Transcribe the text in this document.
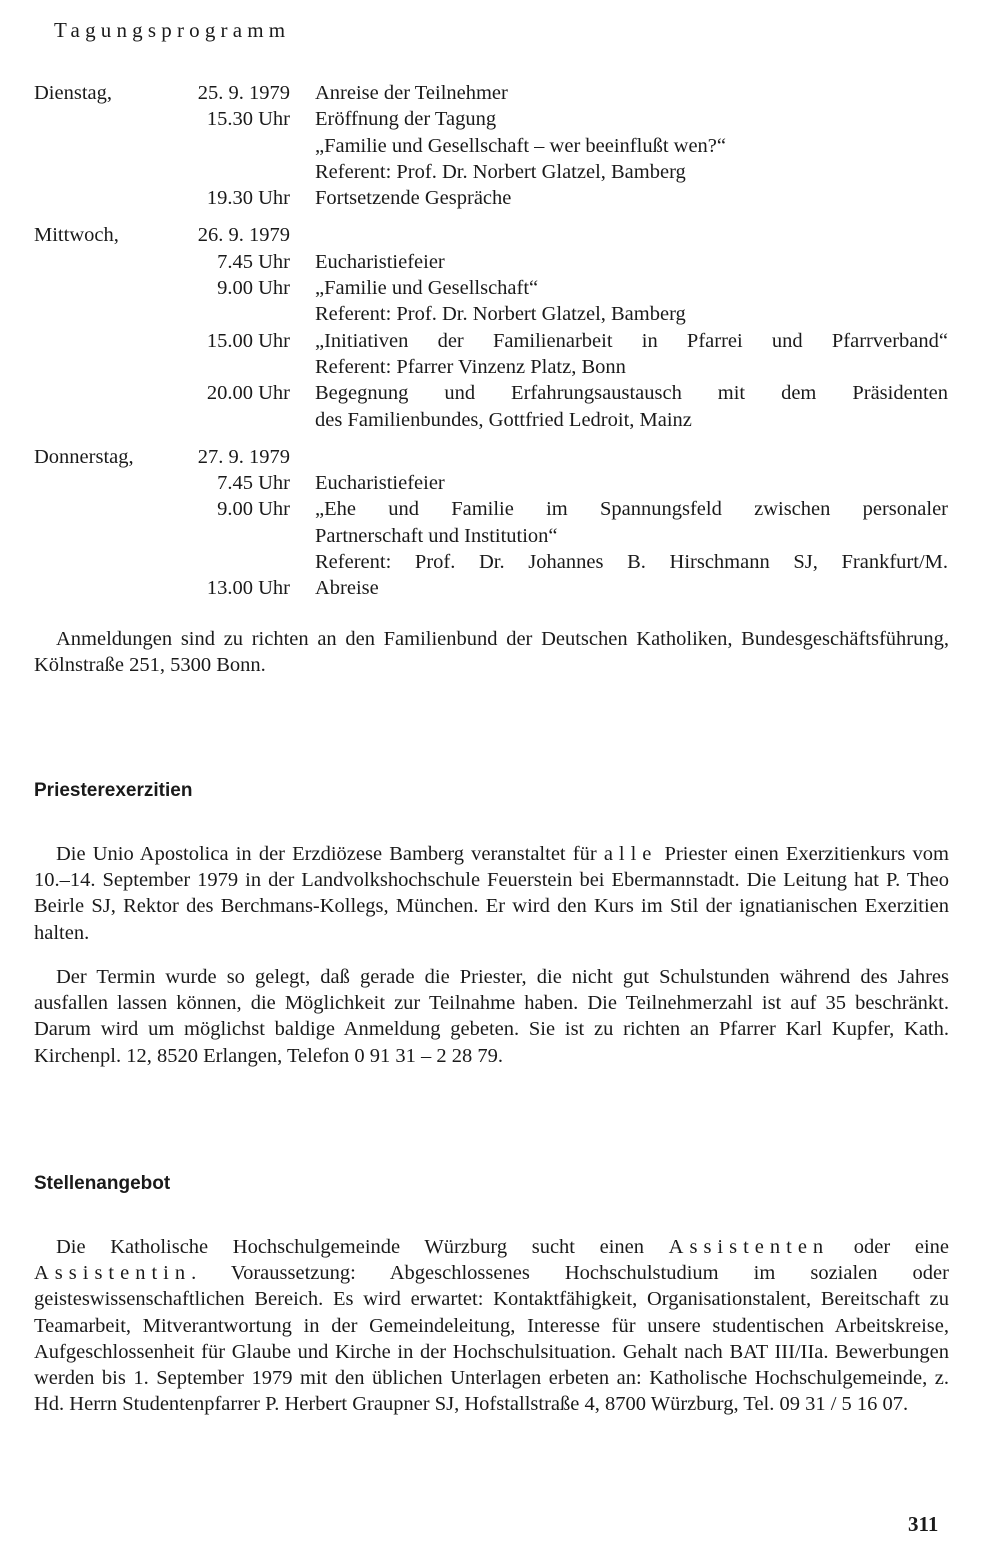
Tagungsprogramm
Dienstag,	25. 9. 1979 Anreise der Teilnehmer
15.30 Uhr Eröffnung der Tagung
„Familie und Gesellschaft – wer beeinflußt wen?“
Referent: Prof. Dr. Norbert Glatzel, Bamberg
19.30 Uhr Fortsetzende Gespräche
Mittwoch,	26. 9. 1979
7.45 Uhr Eucharistiefeier
9.00 Uhr „Familie und Gesellschaft“
Referent: Prof. Dr. Norbert Glatzel, Bamberg
15.00 Uhr „Initiativen der Familienarbeit in Pfarrei und Pfarrverband“
Referent: Pfarrer Vinzenz Platz, Bonn
20.00 Uhr Begegnung und Erfahrungsaustausch mit dem Präsidenten
des Familienbundes, Gottfried Ledroit, Mainz
Donnerstag,	27. 9. 1979
7.45 Uhr Eucharistiefeier
9.00 Uhr „Ehe und Familie im Spannungsfeld zwischen personaler
Partnerschaft und Institution“
Referent: Prof. Dr. Johannes B. Hirschmann SJ, Frankfurt/M.
13.00 Uhr Abreise

Anmeldungen sind zu richten an den Familienbund der Deutschen Katholiken, Bundesgeschäftsführung, Kölnstraße 251, 5300 Bonn.

Priesterexerzitien

Die Unio Apostolica in der Erzdiözese Bamberg veranstaltet für alle Priester einen Exerzitienkurs vom 10.–14. September 1979 in der Landvolkshochschule Feuerstein bei Ebermannstadt. Die Leitung hat P. Theo Beirle SJ, Rektor des Berchmans-Kollegs, München. Er wird den Kurs im Stil der ignatianischen Exerzitien halten.

Der Termin wurde so gelegt, daß gerade die Priester, die nicht gut Schulstunden während des Jahres ausfallen lassen können, die Möglichkeit zur Teilnahme haben. Die Teilnehmerzahl ist auf 35 beschränkt. Darum wird um möglichst baldige Anmeldung gebeten. Sie ist zu richten an Pfarrer Karl Kupfer, Kath. Kirchenpl. 12, 8520 Erlangen, Telefon 0 91 31 – 2 28 79.

Stellenangebot

Die Katholische Hochschulgemeinde Würzburg sucht einen Assistenten oder eine Assistentin. Voraussetzung: Abgeschlossenes Hochschulstudium im sozialen oder geisteswissenschaftlichen Bereich. Es wird erwartet: Kontaktfähigkeit, Organisationstalent, Bereitschaft zu Teamarbeit, Mitverantwortung in der Gemeindeleitung, Interesse für unsere studentischen Arbeitskreise, Aufgeschlossenheit für Glaube und Kirche in der Hochschulsituation. Gehalt nach BAT III/IIa. Bewerbungen werden bis 1. September 1979 mit den üblichen Unterlagen erbeten an: Katholische Hochschulgemeinde, z. Hd. Herrn Studentenpfarrer P. Herbert Graupner SJ, Hofstallstraße 4, 8700 Würzburg, Tel. 09 31 / 5 16 07.

311
